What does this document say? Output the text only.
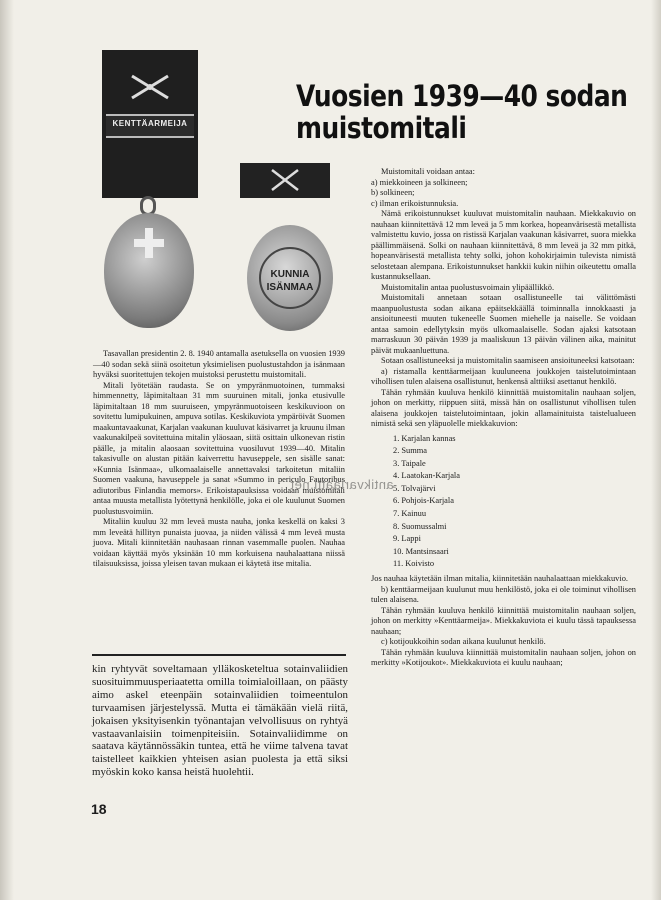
KENTTÄARMEIJA
KUNNIA
ISÄNMAA
Vuosien 1939—40 sodan
muistomitali

Tasavallan presidentin 2. 8. 1940 antamalla asetuksella on vuosien 1939—40 sodan sekä siinä osoitetun yksimielisen puolustustahdon ja isänmaan hyväksi suoritettujen tekojen muistoksi perustettu muistomitali.

Mitali lyötetään raudasta. Se on ympyränmuotoinen, tummaksi himmennetty, läpimitaltaan 31 mm suuruinen mitali, jonka etusivulle läpimitaltaan 18 mm suuruiseen, ympyränmuotoiseen keskikuvioon on sovitettu lumipukuinen, ampuva sotilas. Keskikuviota ympäröivät Suomen maakuntavaakunat, Karjalan vaakunan kuuluvat käsivarret ja kruunu ilman vaakunakilpeä sovitettuina mitalin yläosaan, siitä osittain ulkonevan ristin päälle, ja mitalin alaosaan sovitettuina vuosiluvut 1939—40. Mitalin takasivulle on alustan pitään kaiverrettu havuseppele, sen sisälle sanat: »Kunnia Isänmaa», ulkomaalaiselle annettavaksi tarkoitetun mitaliin Suomen vaakuna, havuseppele ja sanat »Summo in periculo Fautoribus adiutoribus Finlandia memors». Erikoistapauksissa voidaan muistomitali antaa muusta metallista lyötettynä henkilölle, joka ei ole kuulunut Suomen puolustusvoimiin.

Mitaliin kuuluu 32 mm leveä musta nauha, jonka keskellä on kaksi 3 mm leveätä hillityn punaista juovaa, ja niiden välissä 4 mm leveä musta juova. Mitali kiinnitetään nauhasaan rinnan vasemmalle puolen. Nauhaa voidaan käyttää myös yksinään 10 mm korkuisena nauhalaattana niissä tilaisuuksissa, joissa yleisen tavan mukaan ei käytetä itse mitalia.

kin ryhtyvät soveltamaan ylläkosketeltua sotainvaliidien suosituimmuusperiaatetta omilla toimialoillaan, on päästy aimo askel eteenpäin sotainvaliidien toimeentulon turvaamisen järjestelyssä. Mutta ei tämäkään vielä riitä, jokaisen yksityisenkin työnantajan velvollisuus on ryhtyä vastaavanlaisiin toimenpiteisiin. Sotainvaliidimme on saatava käytännössäkin tuntea, että he viime talvena tavat taistelleet kaikkien yhteisen asian puolesta ja että siksi myöskin koko kansa heistä huolehtii.

18

Muistomitali voidaan antaa:

a) miekkoineen ja solkineen;

b) solkineen;

c) ilman erikoistunnuksia.

Nämä erikoistunnukset kuuluvat muistomitalin nauhaan. Miekkakuvio on nauhaan kiinnitettävä 12 mm leveä ja 5 mm korkea, hopeanvärisestä metallista valmistettu kuvio, jossa on ristissä Karjalan vaakunan käsivarret, suora miekka päällimmäisenä. Solki on nauhaan kiinnitettävä, 8 mm leveä ja 32 mm pitkä, hopeanvärisestä metallista tehty solki, johon kohokirjaimin tulevista nimistä selostetaan alempana. Erikoistunnukset hankkii kukin niihin oikeutettu omalla kustannuksellaan.

Muistomitalin antaa puolustusvoimain ylipäällikkö.

Muistomitali annetaan sotaan osallistuneelle tai välittömästi maanpuolustusta sodan aikana epäitsekkäällä toiminnalla innokkaasti ja ansioituneesti muuten tukeneelle Suomen miehelle ja naiselle. Se voidaan antaa samoin edellytyksin myös ulkomaalaiselle. Sodan ajaksi katsotaan marraskuun 30 päivän 1939 ja maaliskuun 13 päivän välinen aika, mainitut päivät mukaanluettuna.

Sotaan osallistuneeksi ja muistomitalin saamiseen ansioituneeksi katsotaan:

a) ristamalla kenttäarmeijaan kuuluneena joukkojen taistelutoimintaan vihollisen tulen alaisena osallistunut, henkensä alttiiksi asettanut henkilö.

Tähän ryhmään kuuluva henkilö kiinnittää muistomitalin nauhaan soljen, johon on merkitty, riippuen siitä, missä hän on osallistunut vihollisen tulen alaisena joukkojen taistelutoimintaan, jokin allamainituista taistelualueen nimistä sekä sen yläpuolelle miekkakuvion:

1. Karjalan kannas
2. Summa
3. Taipale
4. Laatokan-Karjala
5. Tolvajärvi
6. Pohjois-Karjala
7. Kainuu
8. Suomussalmi
9. Lappi
10. Mantsinsaari
11. Koivisto

Jos nauhaa käytetään ilman mitalia, kiinnitetään nauhalaattaan miekkakuvio.

b) kenttäarmeijaan kuulunut muu henkilöstö, joka ei ole toiminut vihollisen tulen alaisena.

Tähän ryhmään kuuluva henkilö kiinnittää muistomitalin nauhaan soljen, johon on merkitty »Kenttäarmeija». Miekkakuviota ei kuulu tässä tapauksessa nauhaan;

c) kotijoukkoihin sodan aikana kuulunut henkilö.

Tähän ryhmään kuuluva kiinnittää muistomitalin nauhaan soljen, johon on merkitty »Kotijoukot». Miekkakuviota ei kuulu nauhaan;

antikvariaatti.net
